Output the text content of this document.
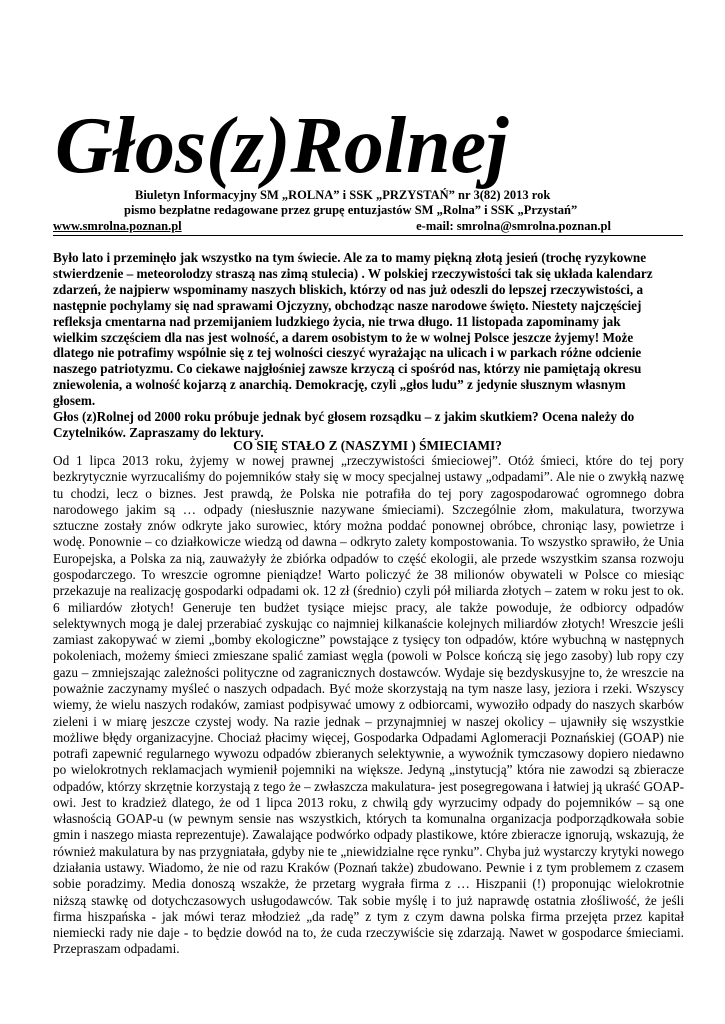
Głos(z)Rolnej
Biuletyn Informacyjny SM „ROLNA” i SSK „PRZYSTAŃ” nr 3(82) 2013 rok
pismo bezpłatne redagowane przez grupę entuzjastów SM „Rolna” i SSK „Przystań”
www.smrolna.poznan.pl	e-mail: smrolna@smrolna.poznan.pl

Było lato i przeminęło jak wszystko na tym świecie. Ale za to mamy piękną złotą jesień (trochę ryzykowne stwierdzenie – meteorolodzy straszą nas zimą stulecia) . W polskiej rzeczywistości tak się układa kalendarz zdarzeń, że najpierw wspominamy naszych bliskich, którzy od nas już odeszli do lepszej rzeczywistości, a następnie pochylamy się nad sprawami Ojczyzny, obchodząc nasze narodowe święto. Niestety najczęściej refleksja cmentarna nad przemijaniem ludzkiego życia, nie trwa długo. 11 listopada zapominamy jak wielkim szczęściem dla nas jest wolność, a darem osobistym to że w wolnej Polsce jeszcze żyjemy! Może dlatego nie potrafimy wspólnie się z tej wolności cieszyć wyrażając na ulicach i w parkach różne odcienie naszego patriotyzmu. Co ciekawe najgłośniej zawsze krzyczą ci spośród nas, którzy nie pamiętają okresu zniewolenia, a wolność kojarzą z anarchią. Demokrację, czyli „głos ludu” z jedynie słusznym własnym głosem.

Głos (z)Rolnej od 2000 roku próbuje jednak być głosem rozsądku – z jakim skutkiem? Ocena należy do Czytelników. Zapraszamy do lektury.

CO SIĘ STAŁO Z (NASZYMI ) ŚMIECIAMI?

Od 1 lipca 2013 roku, żyjemy w nowej prawnej „rzeczywistości śmieciowej”. Otóż śmieci, które do tej pory bezkrytycznie wyrzucaliśmy do pojemników stały się w mocy specjalnej ustawy „odpadami”. Ale nie o zwykłą nazwę tu chodzi, lecz o biznes. Jest prawdą, że Polska nie potrafiła do tej pory zagospodarować ogromnego dobra narodowego jakim są … odpady (niesłusznie nazywane śmieciami). Szczególnie złom, makulatura, tworzywa sztuczne zostały znów odkryte jako surowiec, który można poddać ponownej obróbce, chroniąc lasy, powietrze i wodę. Ponownie – co działkowicze wiedzą od dawna – odkryto zalety kompostowania. To wszystko sprawiło, że Unia Europejska, a Polska za nią, zauważyły że zbiórka odpadów to część ekologii, ale przede wszystkim szansa rozwoju gospodarczego. To wreszcie ogromne pieniądze! Warto policzyć że 38 milionów obywateli w Polsce co miesiąc przekazuje na realizację gospodarki odpadami ok. 12 zł (średnio) czyli pół miliarda złotych – zatem w roku jest to ok. 6 miliardów złotych! Generuje ten budżet tysiące miejsc pracy, ale także powoduje, że odbiorcy odpadów selektywnych mogą je dalej przerabiać zyskując co najmniej kilkanaście kolejnych miliardów złotych! Wreszcie jeśli zamiast zakopywać w ziemi „bomby ekologiczne” powstające z tysięcy ton odpadów, które wybuchną w następnych pokoleniach, możemy śmieci zmieszane spalić zamiast węgla (powoli w Polsce kończą się jego zasoby) lub ropy czy gazu – zmniejszając zależności polityczne od zagranicznych dostawców. Wydaje się bezdyskusyjne to, że wreszcie na poważnie zaczynamy myśleć o naszych odpadach. Być może skorzystają na tym nasze lasy, jeziora i rzeki. Wszyscy wiemy, że wielu naszych rodaków, zamiast podpisywać umowy z odbiorcami, wywoziło odpady do naszych skarbów zieleni i w miarę jeszcze czystej wody. Na razie jednak – przynajmniej w naszej okolicy – ujawniły się wszystkie możliwe błędy organizacyjne. Chociaż płacimy więcej, Gospodarka Odpadami Aglomeracji Poznańskiej (GOAP) nie potrafi zapewnić regularnego wywozu odpadów zbieranych selektywnie, a wywoźnik tymczasowy dopiero niedawno po wielokrotnych reklamacjach wymienił pojemniki na większe. Jedyną „instytucją” która nie zawodzi są zbieracze odpadów, którzy skrzętnie korzystają z tego że – zwłaszcza makulatura- jest posegregowana i łatwiej ją ukraść GOAP-owi. Jest to kradzież dlatego, że od 1 lipca 2013 roku, z chwilą gdy wyrzucimy odpady do pojemników – są one własnością GOAP-u (w pewnym sensie nas wszystkich, których ta komunalna organizacja podporządkowała sobie gmin i naszego miasta reprezentuje). Zawalające podwórko odpady plastikowe, które zbieracze ignorują, wskazują, że również makulatura by nas przygniatała, gdyby nie te „niewidzialne ręce rynku”. Chyba już wystarczy krytyki nowego działania ustawy. Wiadomo, że nie od razu Kraków (Poznań także) zbudowano. Pewnie i z tym problemem z czasem sobie poradzimy. Media donoszą wszakże, że przetarg wygrała firma z … Hiszpanii (!) proponując wielokrotnie niższą stawkę od dotychczasowych usługodawców. Tak sobie myślę i to już naprawdę ostatnia złośliwość, że jeśli firma hiszpańska - jak mówi teraz młodzież „da radę” z tym z czym dawna polska firma przejęta przez kapitał niemiecki rady nie daje - to będzie dowód na to, że cuda rzeczywiście się zdarzają. Nawet w gospodarce śmieciami. Przepraszam odpadami.
